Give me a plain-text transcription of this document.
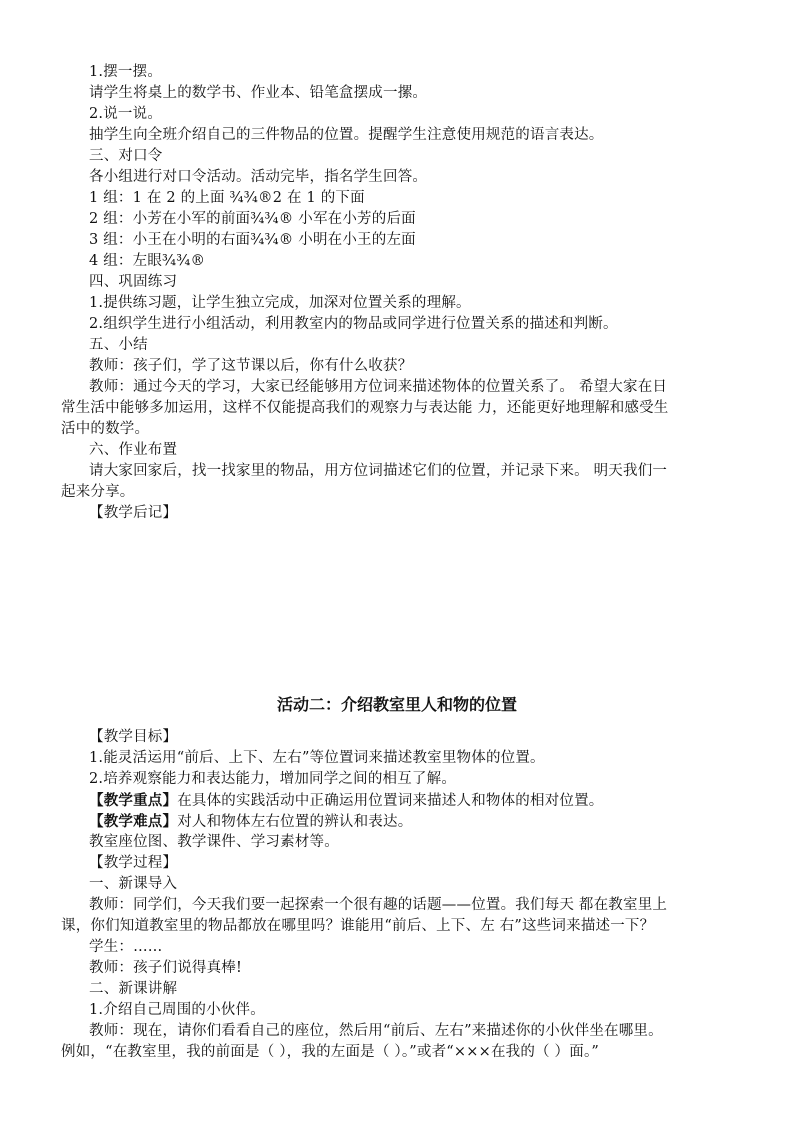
1.摆一摆。
请学生将桌上的数学书、作业本、铅笔盒摆成一摞。
2.说一说。
抽学生向全班介绍自己的三件物品的位置。提醒学生注意使用规范的语言表达。
三、对口令
各小组进行对口令活动。活动完毕，指名学生回答。
1 组：1 在 2 的上面 ¾¾®2 在 1 的下面
2 组：小芳在小军的前面¾¾® 小军在小芳的后面
3 组：小王在小明的右面¾¾® 小明在小王的左面
4 组：左眼¾¾®
四、巩固练习
1.提供练习题，让学生独立完成，加深对位置关系的理解。
2.组织学生进行小组活动，利用教室内的物品或同学进行位置关系的描述和判断。
五、小结
教师：孩子们，学了这节课以后，你有什么收获？
教师：通过今天的学习，大家已经能够用方位词来描述物体的位置关系了。 希望大家在日
常生活中能够多加运用，这样不仅能提高我们的观察力与表达能 力，还能更好地理解和感受生
活中的数学。
六、作业布置
请大家回家后，找一找家里的物品，用方位词描述它们的位置，并记录下来。 明天我们一
起来分享。
【教学后记】
活动二：介绍教室里人和物的位置
【教学目标】
1.能灵活运用“前后、上下、左右”等位置词来描述教室里物体的位置。
2.培养观察能力和表达能力，增加同学之间的相互了解。
【教学重点】在具体的实践活动中正确运用位置词来描述人和物体的相对位置。
【教学难点】对人和物体左右位置的辨认和表达。
教室座位图、教学课件、学习素材等。
【教学过程】
一、新课导入
教师：同学们，今天我们要一起探索一个很有趣的话题——位置。我们每天 都在教室里上
课，你们知道教室里的物品都放在哪里吗？谁能用“前后、上下、左 右”这些词来描述一下？
学生：……
教师：孩子们说得真棒!
二、新课讲解
1.介绍自己周围的小伙伴。
教师：现在，请你们看看自己的座位，然后用“前后、左右”来描述你的小伙伴坐在哪里。
例如，“在教室里，我的前面是（ ），我的左面是（ ）。”或者“×××在我的（ ）面。”
